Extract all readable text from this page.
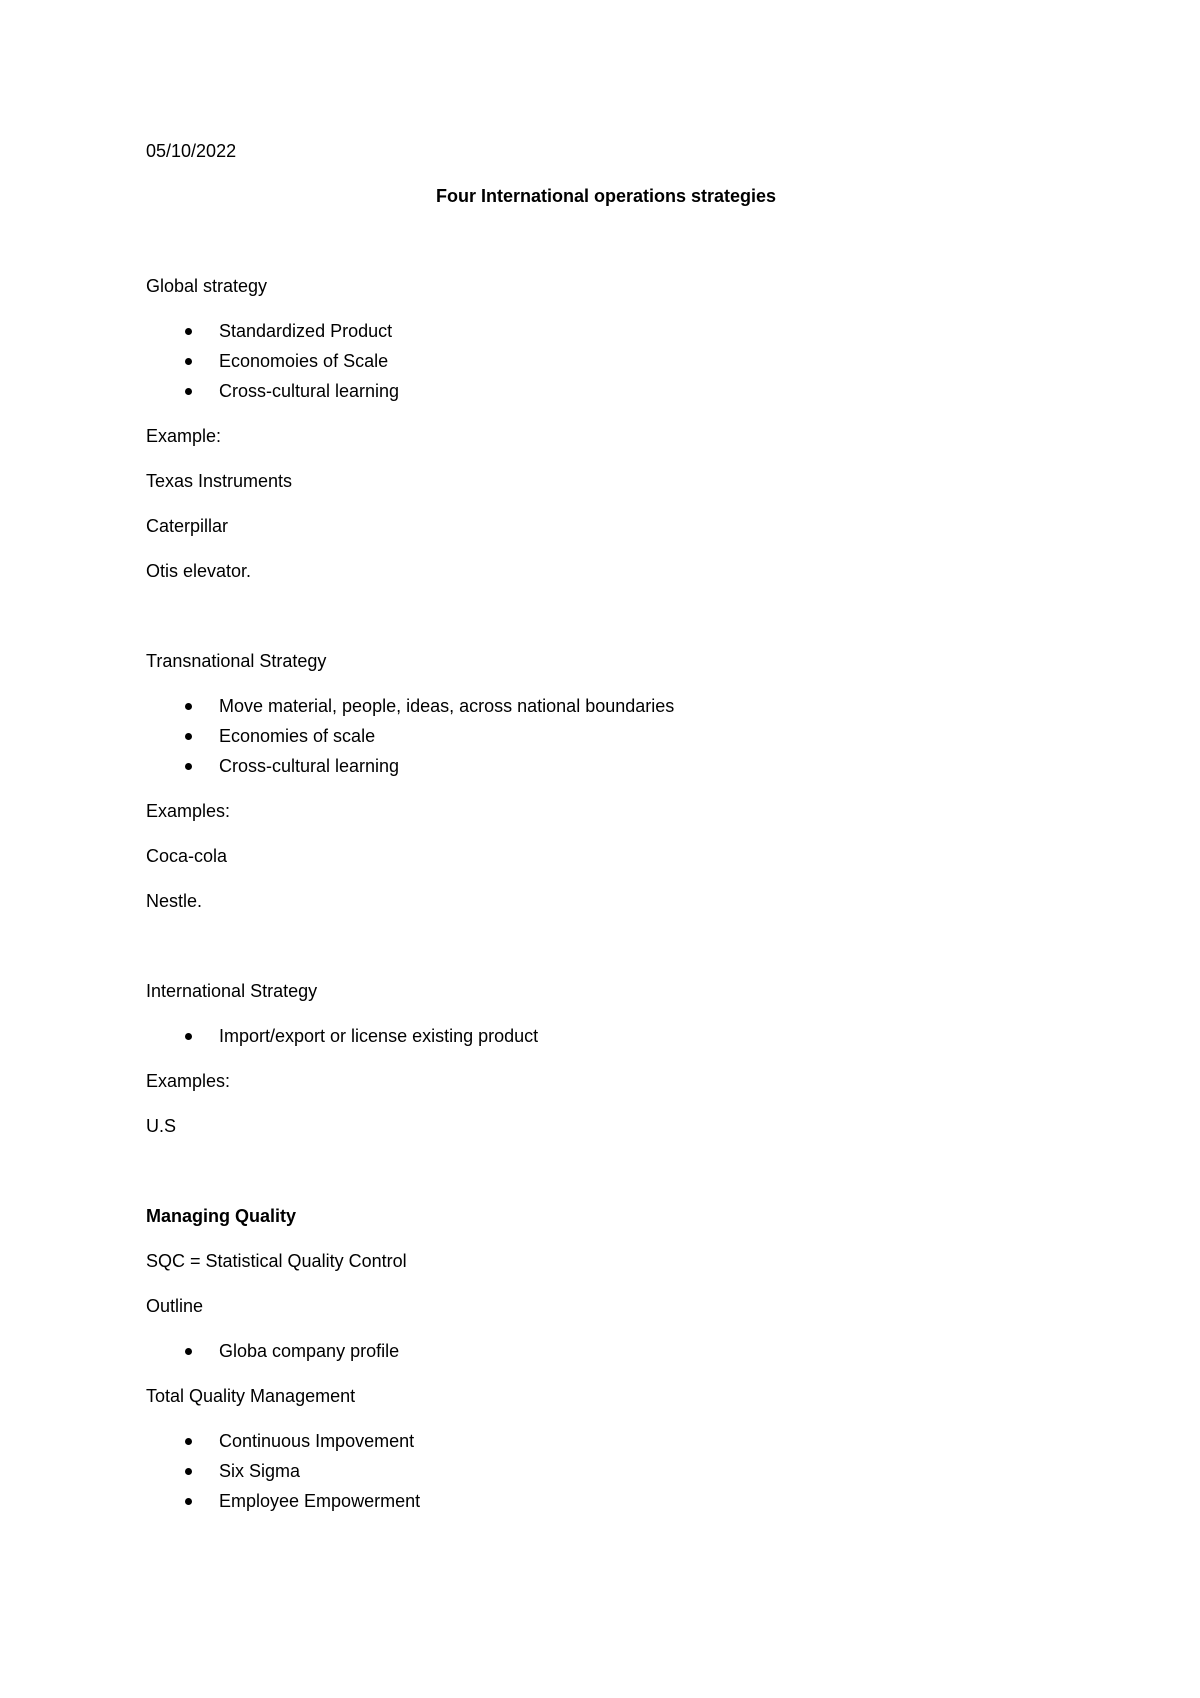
05/10/2022

Four International operations strategies

Global strategy

Standardized Product
Economoies of Scale
Cross-cultural learning

Example:

Texas Instruments

Caterpillar

Otis elevator.

Transnational Strategy

Move material, people, ideas, across national boundaries
Economies of scale
Cross-cultural learning

Examples:

Coca-cola

Nestle.

International Strategy

Import/export or license existing product

Examples:

U.S

Managing Quality

SQC = Statistical Quality Control

Outline

Globa company profile

Total Quality Management

Continuous Impovement
Six Sigma
Employee Empowerment
